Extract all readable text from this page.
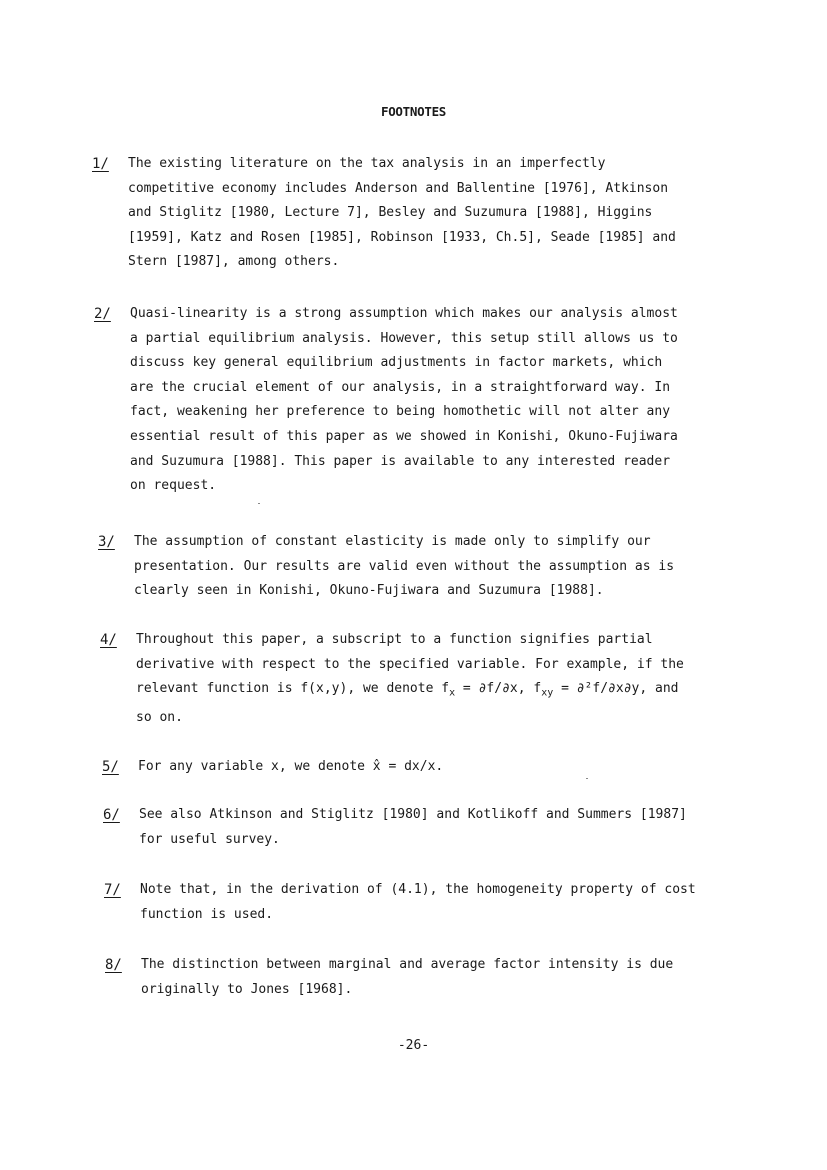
FOOTNOTES
1/ The existing literature on the tax analysis in an imperfectly
competitive economy includes Anderson and Ballentine [1976], Atkinson
and Stiglitz [1980, Lecture 7], Besley and Suzumura [1988], Higgins
[1959], Katz and Rosen [1985], Robinson [1933, Ch.5], Seade [1985] and
Stern [1987], among others.
2/ Quasi-linearity is a strong assumption which makes our analysis almost
a partial equilibrium analysis. However, this setup still allows us to
discuss key general equilibrium adjustments in factor markets, which
are the crucial element of our analysis, in a straightforward way. In
fact, weakening her preference to being homothetic will not alter any
essential result of this paper as we showed in Konishi, Okuno-Fujiwara
and Suzumura [1988]. This paper is available to any interested reader
on request.
3/ The assumption of constant elasticity is made only to simplify our
presentation. Our results are valid even without the assumption as is
clearly seen in Konishi, Okuno-Fujiwara and Suzumura [1988].
4/ Throughout this paper, a subscript to a function signifies partial
derivative with respect to the specified variable. For example, if the
relevant function is f(x,y), we denote $f_x = \partial f/\partial x$, $f_{xy} = \partial^2f/\partial x\partial y$, and
so on.
5/ For any variable x, we denote x̂ = dx/x.
6/ See also Atkinson and Stiglitz [1980] and Kotlikoff and Summers [1987]
for useful survey.
7/ Note that, in the derivation of (4.1), the homogeneity property of cost
function is used.
8/ The distinction between marginal and average factor intensity is due
originally to Jones [1968].
-26-
